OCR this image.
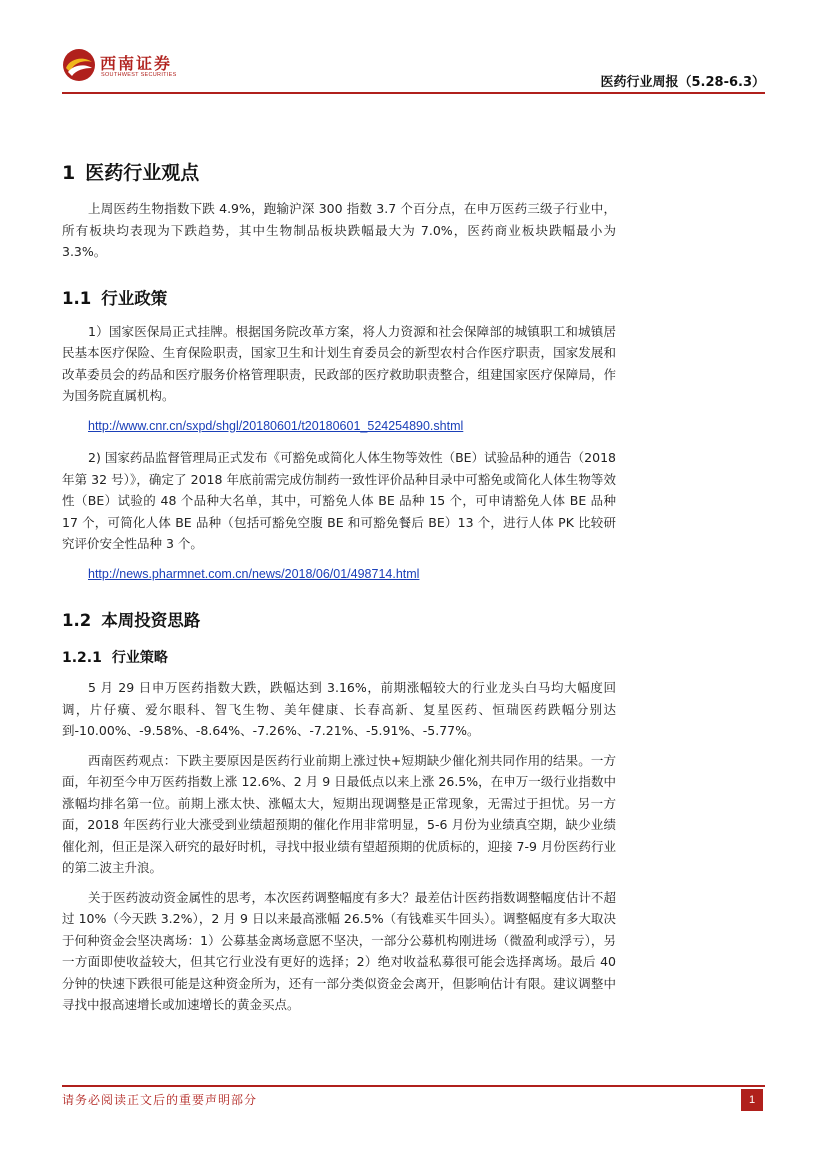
西南证券
SOUTHWEST SECURITIES	医药行业周报（5.28-6.3）
1 医药行业观点

上周医药生物指数下跌 4.9%，跑输沪深 300 指数 3.7 个百分点，在申万医药三级子行业中，所有板块均表现为下跌趋势，其中生物制品板块跌幅最大为 7.0%，医药商业板块跌幅最小为 3.3%。

1.1 行业政策

1）国家医保局正式挂牌。根据国务院改革方案，将人力资源和社会保障部的城镇职工和城镇居民基本医疗保险、生育保险职责，国家卫生和计划生育委员会的新型农村合作医疗职责，国家发展和改革委员会的药品和医疗服务价格管理职责，民政部的医疗救助职责整合，组建国家医疗保障局，作为国务院直属机构。

http://www.cnr.cn/sxpd/shgl/20180601/t20180601_524254890.shtml

2) 国家药品监督管理局正式发布《可豁免或简化人体生物等效性（BE）试验品种的通告（2018 年第 32 号）》，确定了 2018 年底前需完成仿制药一致性评价品种目录中可豁免或简化人体生物等效性（BE）试验的 48 个品种大名单，其中，可豁免人体 BE 品种 15 个，可申请豁免人体 BE 品种 17 个，可简化人体 BE 品种（包括可豁免空腹 BE 和可豁免餐后 BE）13 个，进行人体 PK 比较研究评价安全性品种 3 个。

http://news.pharmnet.com.cn/news/2018/06/01/498714.html

1.2 本周投资思路
1.2.1 行业策略

5 月 29 日申万医药指数大跌，跌幅达到 3.16%，前期涨幅较大的行业龙头白马均大幅度回调，片仔癀、爱尔眼科、智飞生物、美年健康、长春高新、复星医药、恒瑞医药跌幅分别达到-10.00%、-9.58%、-8.64%、-7.26%、-7.21%、-5.91%、-5.77%。

西南医药观点：下跌主要原因是医药行业前期上涨过快+短期缺少催化剂共同作用的结果。一方面，年初至今申万医药指数上涨 12.6%、2 月 9 日最低点以来上涨 26.5%，在申万一级行业指数中涨幅均排名第一位。前期上涨太快、涨幅太大，短期出现调整是正常现象，无需过于担忧。另一方面，2018 年医药行业大涨受到业绩超预期的催化作用非常明显，5-6 月份为业绩真空期，缺少业绩催化剂，但正是深入研究的最好时机，寻找中报业绩有望超预期的优质标的，迎接 7-9 月份医药行业的第二波主升浪。

关于医药波动资金属性的思考，本次医药调整幅度有多大？最差估计医药指数调整幅度估计不超过 10%（今天跌 3.2%），2 月 9 日以来最高涨幅 26.5%（有钱难买牛回头）。调整幅度有多大取决于何种资金会坚决离场：1）公募基金离场意愿不坚决，一部分公募机构刚进场（微盈利或浮亏），另一方面即使收益较大，但其它行业没有更好的选择；2）绝对收益私募很可能会选择离场。最后 40 分钟的快速下跌很可能是这种资金所为，还有一部分类似资金会离开，但影响估计有限。建议调整中寻找中报高速增长或加速增长的黄金买点。

请务必阅读正文后的重要声明部分	1
